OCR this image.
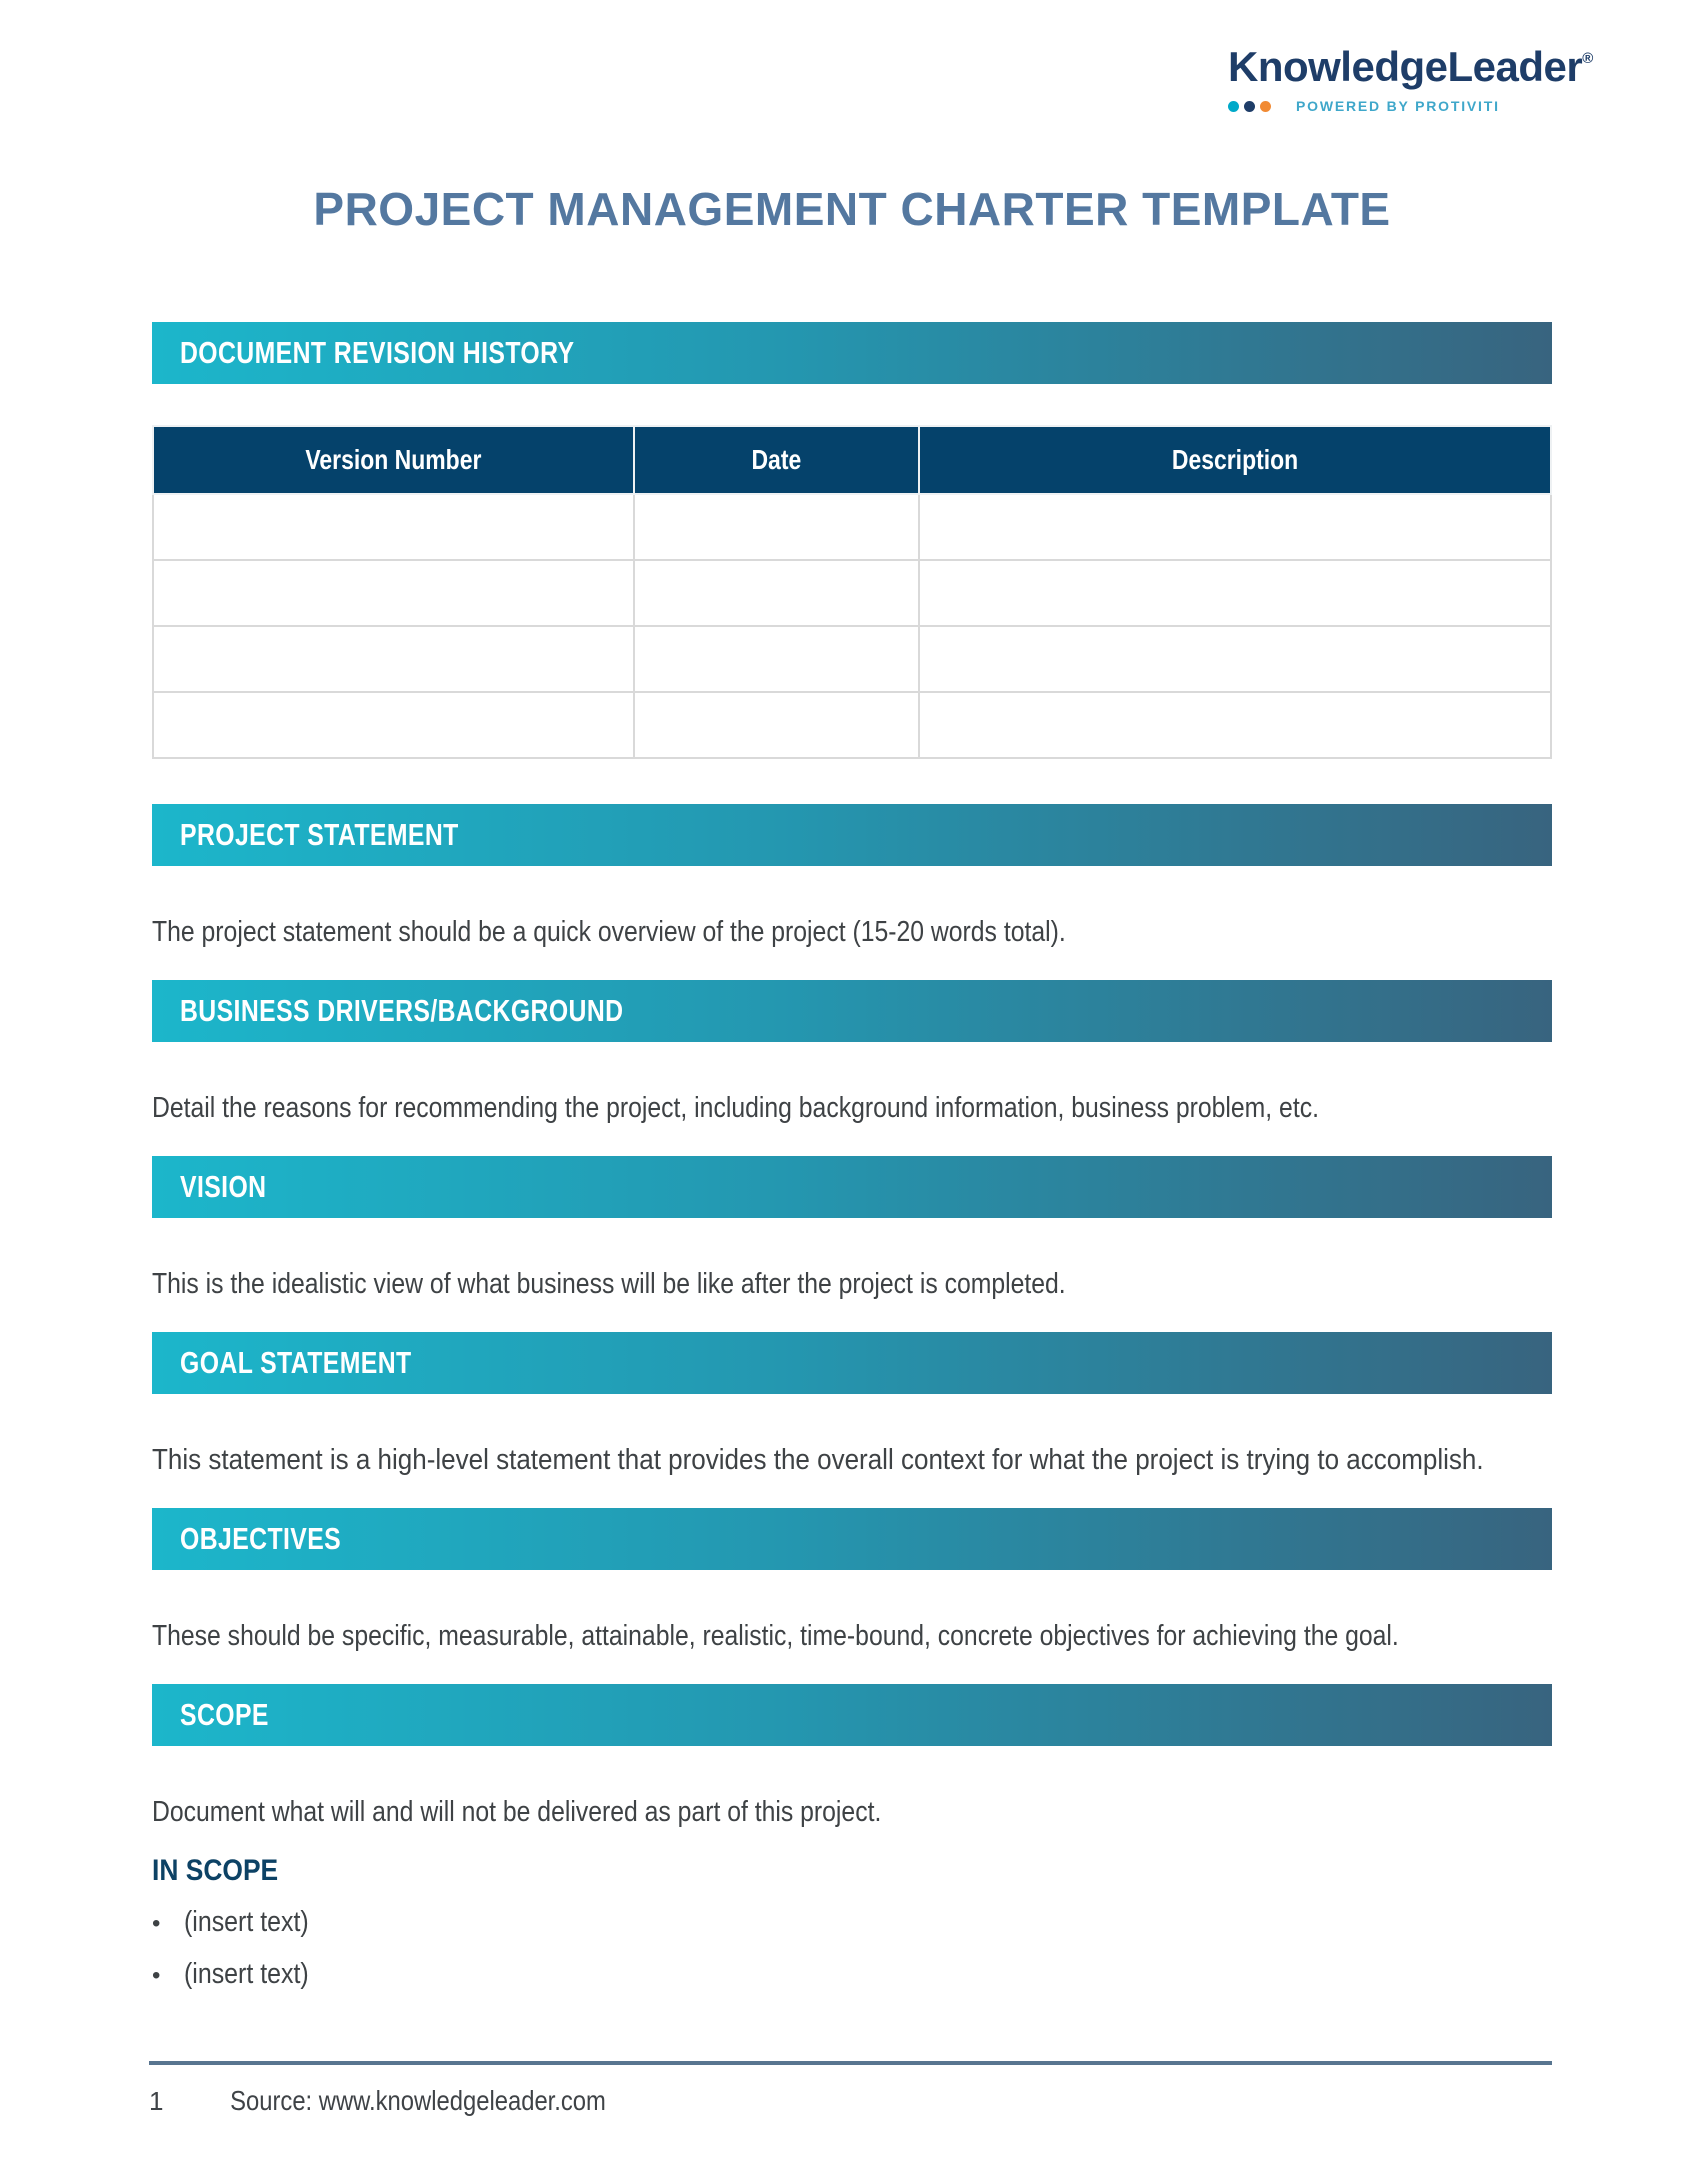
KnowledgeLeader®
POWERED BY PROTIVITI
PROJECT MANAGEMENT CHARTER TEMPLATE
DOCUMENT REVISION HISTORY
Version Number	Date	Description

PROJECT STATEMENT

The project statement should be a quick overview of the project (15-20 words total).

BUSINESS DRIVERS/BACKGROUND

Detail the reasons for recommending the project, including background information, business problem, etc.

VISION

This is the idealistic view of what business will be like after the project is completed.

GOAL STATEMENT

This statement is a high-level statement that provides the overall context for what the project is trying to accomplish.

OBJECTIVES

These should be specific, measurable, attainable, realistic, time-bound, concrete objectives for achieving the goal.

SCOPE

Document what will and will not be delivered as part of this project.

IN SCOPE
• (insert text)
• (insert text)
1 Source: www.knowledgeleader.com
